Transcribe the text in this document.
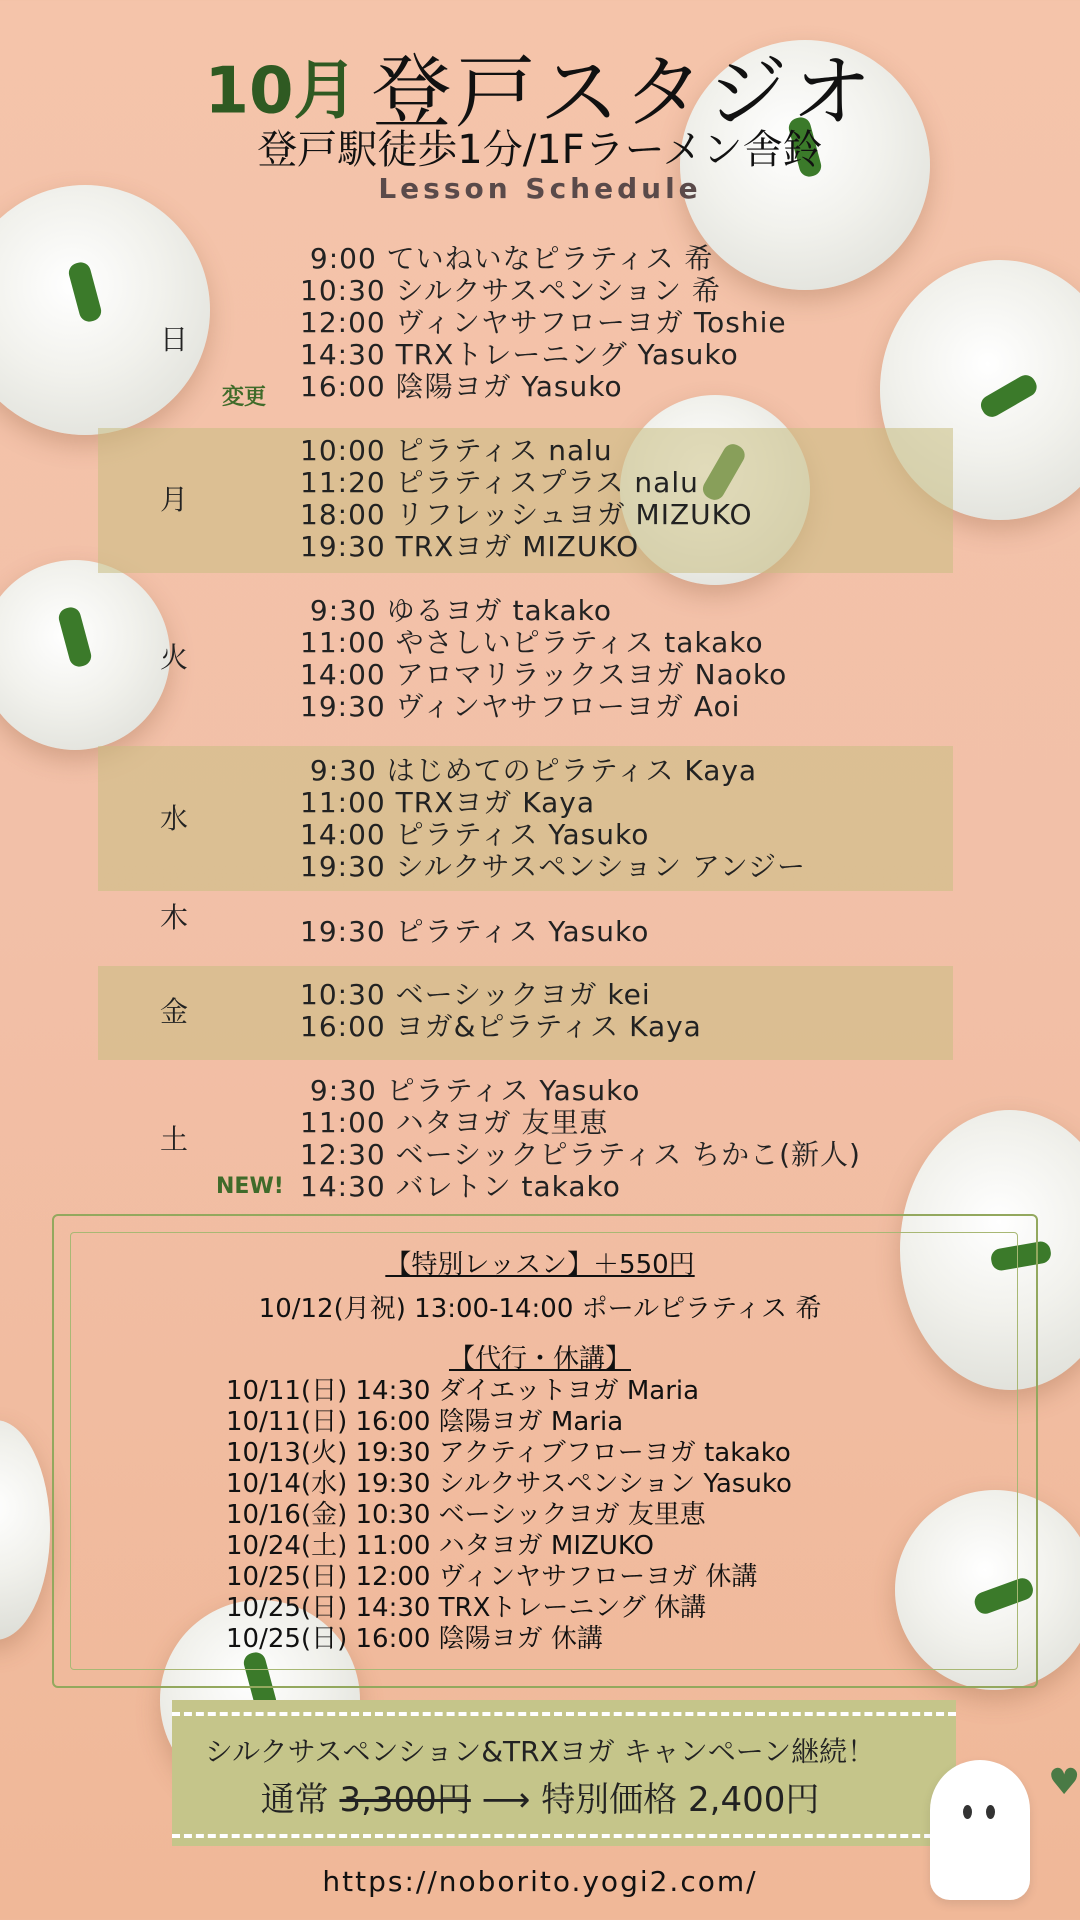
10月 登戸スタジオ
登戸駅徒歩1分/1Fラーメン舎鈴
Lesson Schedule
日
変更
9:00 ていねいなピラティス 希
10:30 シルクサスペンション 希
12:00 ヴィンヤサフローヨガ Toshie
14:30 TRXトレーニング Yasuko
16:00 陰陽ヨガ Yasuko
月
10:00 ピラティス nalu
11:20 ピラティスプラス nalu
18:00 リフレッシュヨガ MIZUKO
19:30 TRXヨガ MIZUKO
火
9:30 ゆるヨガ takako
11:00 やさしいピラティス takako
14:00 アロマリラックスヨガ Naoko
19:30 ヴィンヤサフローヨガ Aoi
水
9:30 はじめてのピラティス Kaya
11:00 TRXヨガ Kaya
14:00 ピラティス Yasuko
19:30 シルクサスペンション アンジー
木	19:30 ピラティス Yasuko
金
10:30 ベーシックヨガ kei
16:00 ヨガ&ピラティス Kaya
土
NEW!
9:30 ピラティス Yasuko
11:00 ハタヨガ 友里恵
12:30 ベーシックピラティス ちかこ(新人)
14:30 バレトン takako
【特別レッスン】＋550円
10/12(月祝) 13:00-14:00 ポールピラティス 希
【代行・休講】
10/11(日) 14:30 ダイエットヨガ Maria
10/11(日) 16:00 陰陽ヨガ Maria
10/13(火) 19:30 アクティブフローヨガ takako
10/14(水) 19:30 シルクサスペンション Yasuko
10/16(金) 10:30 ベーシックヨガ 友里恵
10/24(土) 11:00 ハタヨガ MIZUKO
10/25(日) 12:00 ヴィンヤサフローヨガ 休講
10/25(日) 14:30 TRXトレーニング 休講
10/25(日) 16:00 陰陽ヨガ 休講
シルクサスペンション&TRXヨガ キャンペーン継続！
通常 3,300円 ⟶ 特別価格 2,400円	♥
https://noborito.yogi2.com/
